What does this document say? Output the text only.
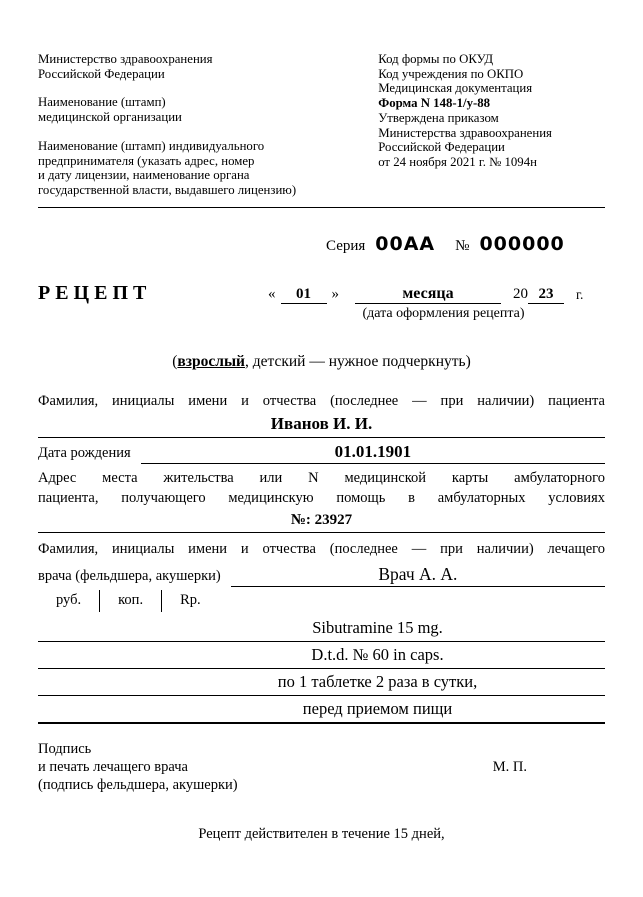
Министерство здравоохранения
Российской Федерации
Наименование (штамп)
медицинской организации
Наименование (штамп) индивидуального
предпринимателя (указать адрес, номер
и дату лицензии, наименование органа
государственной власти, выдавшего лицензию)
Код формы по ОКУД
Код учреждения по ОКПО
Медицинская документация
Форма N 148-1/у-88
Утверждена приказом
Министерства здравоохранения
Российской Федерации
от 24 ноября 2021 г. № 1094н
Серия 00AA № 000000
РЕЦЕПТ	«	01	»	месяца	20 23	г.
(дата оформления рецепта)
(взрослый, детский — нужное подчеркнуть)
Фамилия, инициалы имени и отчества (последнее — при наличии) пациента
Иванов И. И.
Дата рождения	01.01.1901
Адрес места жительства или N медицинской карты амбулаторного
пациента, получающего медицинскую помощь в амбулаторных условиях
№: 23927
Фамилия, инициалы имени и отчества (последнее — при наличии) лечащего
врача (фельдшера, акушерки)	Врач А. А.
руб.	коп.	Rp.
Sibutramine 15 mg.
D.t.d. № 60 in caps.
по 1 таблетке 2 раза в сутки,
перед приемом пищи
Подпись
и печать лечащего врача	М. П.
(подпись фельдшера, акушерки)
Рецепт действителен в течение 15 дней,
